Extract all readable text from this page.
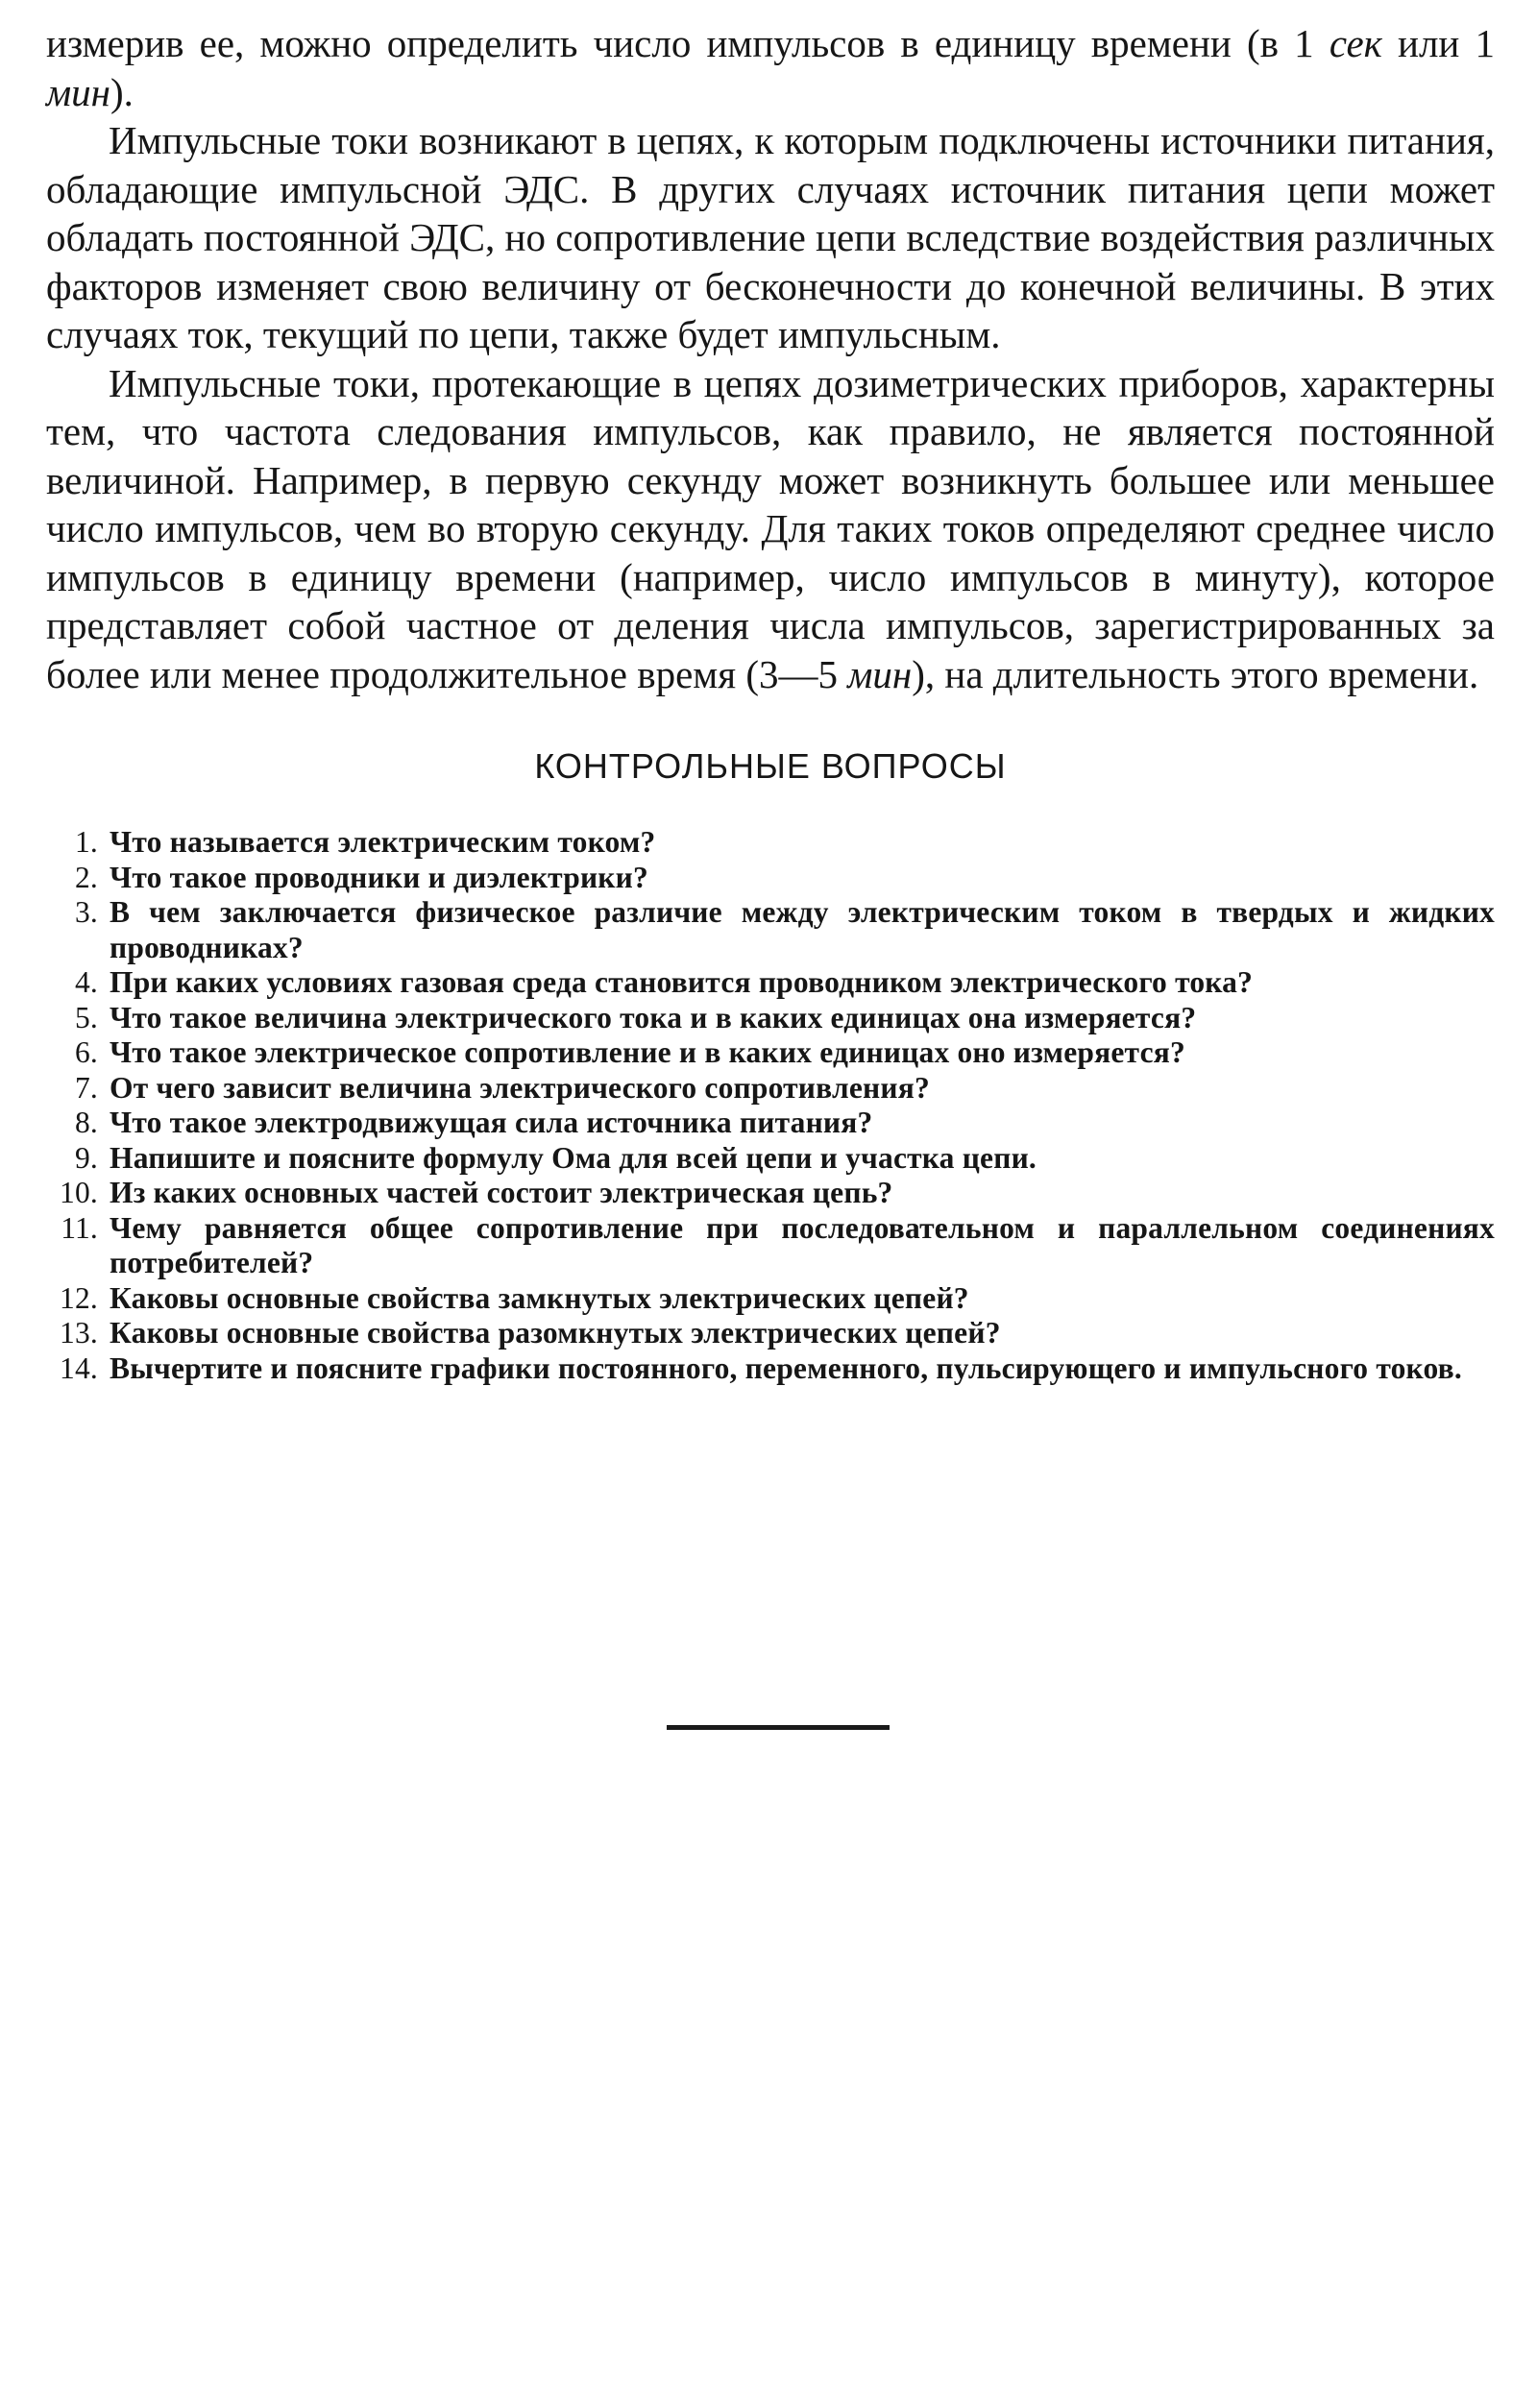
измерив ее, можно определить число импульсов в единицу времени (в 1 сек или 1 мин).

Импульсные токи возникают в цепях, к которым подключены источники питания, обладающие импульсной ЭДС. В других случаях источник питания цепи может обладать постоянной ЭДС, но сопротивление цепи вследствие воздействия различных факторов изменяет свою величину от бесконечности до конечной величины. В этих случаях ток, текущий по цепи, также будет импульсным.

Импульсные токи, протекающие в цепях дозиметрических приборов, характерны тем, что частота следования импульсов, как правило, не является постоянной величиной. Например, в первую секунду может возникнуть большее или меньшее число импульсов, чем во вторую секунду. Для таких токов определяют среднее число импульсов в единицу времени (например, число импульсов в минуту), которое представляет собой частное от деления числа импульсов, зарегистрированных за более или менее продолжительное время (3—5 мин), на длительность этого времени.

КОНТРОЛЬНЫЕ ВОПРОСЫ
1. Что называется электрическим током?
2. Что такое проводники и диэлектрики?
3. В чем заключается физическое различие между электрическим током в твердых и жидких проводниках?
4. При каких условиях газовая среда становится проводником электрического тока?
5. Что такое величина электрического тока и в каких единицах она измеряется?
6. Что такое электрическое сопротивление и в каких единицах оно измеряется?
7. От чего зависит величина электрического сопротивления?
8. Что такое электродвижущая сила источника питания?
9. Напишите и поясните формулу Ома для всей цепи и участка цепи.
10. Из каких основных частей состоит электрическая цепь?
11. Чему равняется общее сопротивление при последовательном и параллельном соединениях потребителей?
12. Каковы основные свойства замкнутых электрических цепей?
13. Каковы основные свойства разомкнутых электрических цепей?
14. Вычертите и поясните графики постоянного, переменного, пульсирующего и импульсного токов.
